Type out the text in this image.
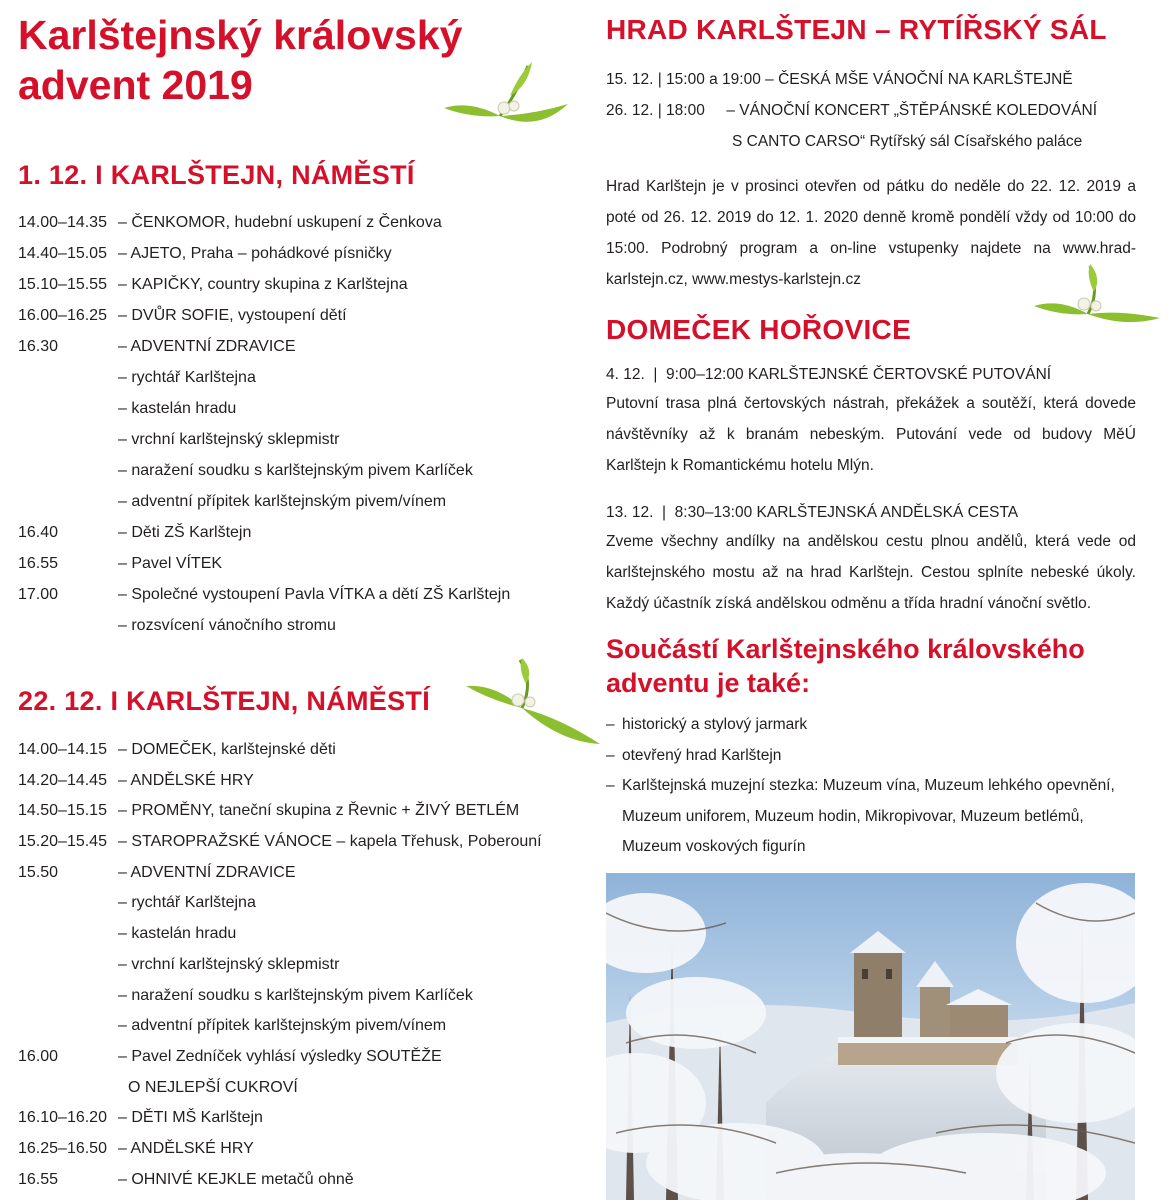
Karlštejnský královský
advent 2019
1. 12. I KARLŠTEJN, NÁMĚSTÍ
14.00–14.35 – ČENKOMOR, hudební uskupení z Čenkova
14.40–15.05 – AJETO, Praha – pohádkové písničky
15.10–15.55 – KAPIČKY, country skupina z Karlštejna
16.00–16.25 – DVŮR SOFIE, vystoupení dětí
16.30	– ADVENTNÍ ZDRAVICE
– rychtář Karlštejna
– kastelán hradu
– vrchní karlštejnský sklepmistr
– naražení soudku s karlštejnským pivem Karlíček
– adventní přípitek karlštejnským pivem/vínem
16.40	– Děti ZŠ Karlštejn
16.55	– Pavel VÍTEK
17.00	– Společné vystoupení Pavla VÍTKA a dětí ZŠ Karlštejn
– rozsvícení vánočního stromu
22. 12. I KARLŠTEJN, NÁMĚSTÍ
14.00–14.15 – DOMEČEK, karlštejnské děti
14.20–14.45 – ANDĚLSKÉ HRY
14.50–15.15 – PROMĚNY, taneční skupina z Řevnic + ŽIVÝ BETLÉM
15.20–15.45 – STAROPRAŽSKÉ VÁNOCE – kapela Třehusk, Poberouní
15.50	– ADVENTNÍ ZDRAVICE
– rychtář Karlštejna
– kastelán hradu
– vrchní karlštejnský sklepmistr
– naražení soudku s karlštejnským pivem Karlíček
– adventní přípitek karlštejnským pivem/vínem
16.00	– Pavel Zedníček vyhlásí výsledky SOUTĚŽE
O NEJLEPŠÍ CUKROVÍ
16.10–16.20 – DĚTI MŠ Karlštejn
16.25–16.50 – ANDĚLSKÉ HRY
16.55	– OHNIVÉ KEJKLE metačů ohně
HRAD KARLŠTEJN – RYTÍŘSKÝ SÁL

15. 12. | 15:00 a 19:00 – ČESKÁ MŠE VÁNOČNÍ NA KARLŠTEJNĚ

26. 12. | 18:00     – VÁNOČNÍ KONCERT „ŠTĚPÁNSKÉ KOLEDOVÁNÍ

S CANTO CARSO“ Rytířský sál Císařského paláce

Hrad Karlštejn je v prosinci otevřen od pátku do neděle do 22. 12. 2019 a poté od 26. 12. 2019 do 12. 1. 2020 denně kromě pondělí vždy od 10:00 do 15:00. Podrobný program a on-line vstupenky najdete na www.hrad-karlstejn.cz, www.mestys-karlstejn.cz

DOMEČEK HOŘOVICE

4. 12.  |  9:00–12:00 KARLŠTEJNSKÉ ČERTOVSKÉ PUTOVÁNÍ

Putovní trasa plná čertovských nástrah, překážek a soutěží, která dovede návštěvníky až k branám nebeským. Putování vede od budovy MěÚ Karlštejn k Romantickému hotelu Mlýn.

13. 12.  |  8:30–13:00 KARLŠTEJNSKÁ ANDĚLSKÁ CESTA

Zveme všechny andílky na andělskou cestu plnou andělů, která vede od karlštejnského mostu až na hrad Karlštejn. Cestou splníte nebeské úkoly. Každý účastník získá andělskou odměnu a třída hradní vánoční světlo.

Součástí Karlštejnského královského
adventu je také:
– historický a stylový jarmark
– otevřený hrad Karlštejn
– Karlštejnská muzejní stezka: Muzeum vína, Muzeum lehkého opevnění, Muzeum uniforem, Muzeum hodin, Mikropivovar, Muzeum betlémů, Muzeum voskových figurín
